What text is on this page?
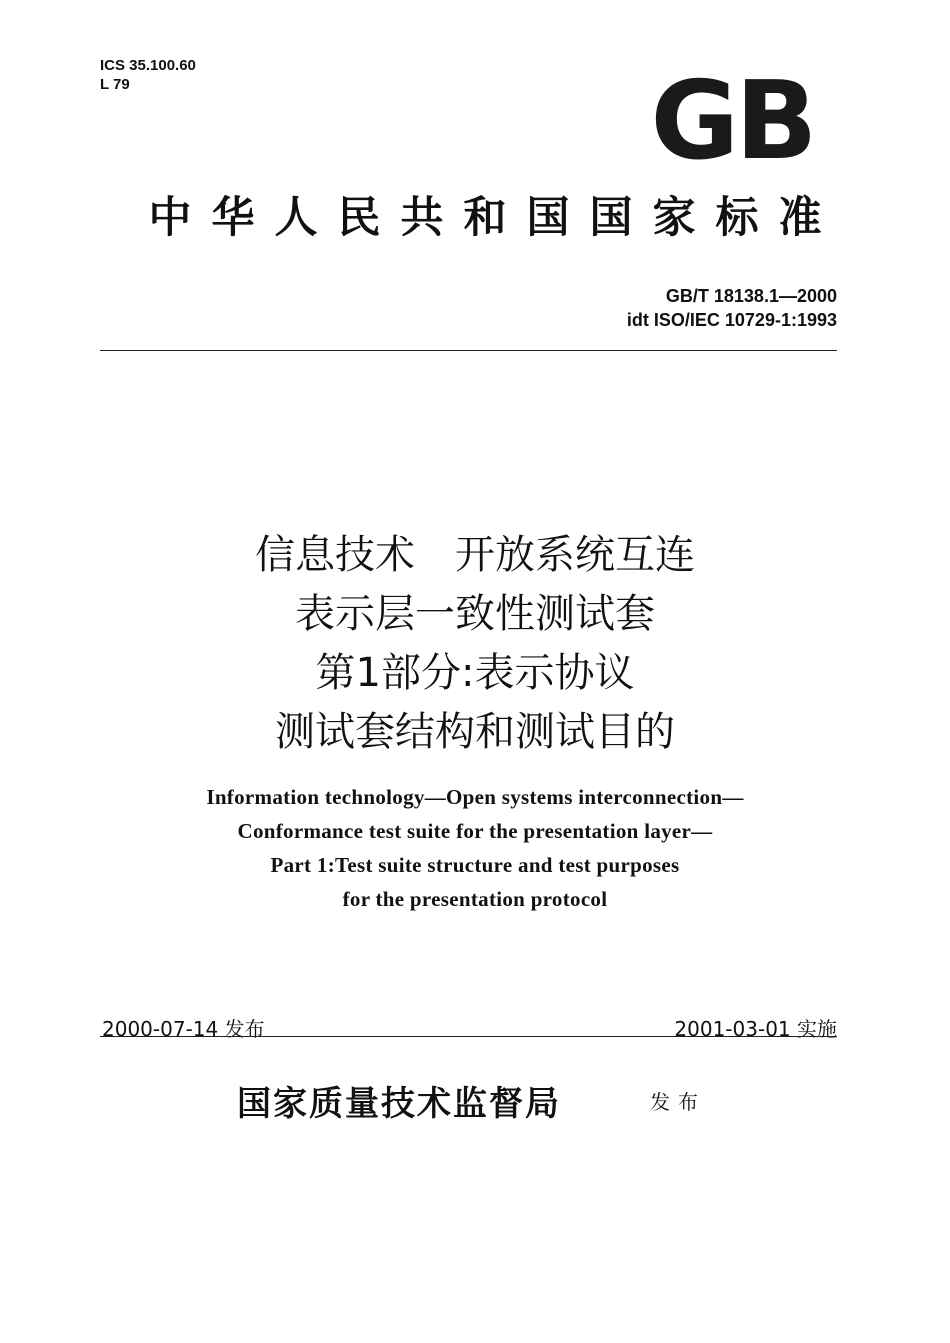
ICS 35.100.60
L 79	GB
中华人民共和国国家标准
GB/T 18138.1—2000
idt ISO/IEC 10729-1:1993
信息技术　开放系统互连
表示层一致性测试套
第1部分:表示协议
测试套结构和测试目的
Information technology—Open systems interconnection—
Conformance test suite for the presentation layer—
Part 1:Test suite structure and test purposes
for the presentation protocol
2000-07-14 发布	2001-03-01 实施
国家质量技术监督局	发布
